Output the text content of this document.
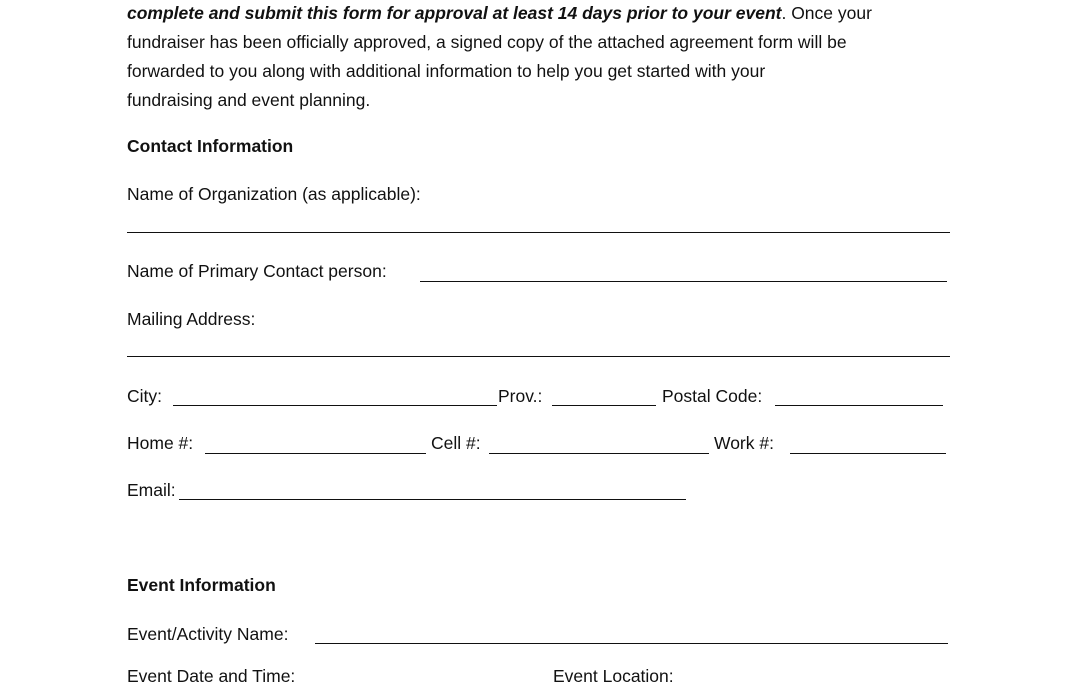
complete and submit this form for approval at least 14 days prior to your event. Once your
fundraiser has been officially approved, a signed copy of the attached agreement form will be
forwarded to you along with additional information to help you get started with your
fundraising and event planning.
Contact Information
Name of Organization (as applicable):
Name of Primary Contact person:
Mailing Address:
City:	Prov.:	Postal Code:
Home #:	Cell #:	Work #:
Email:
Event Information
Event/Activity Name:
Event Date and Time:	Event Location:
